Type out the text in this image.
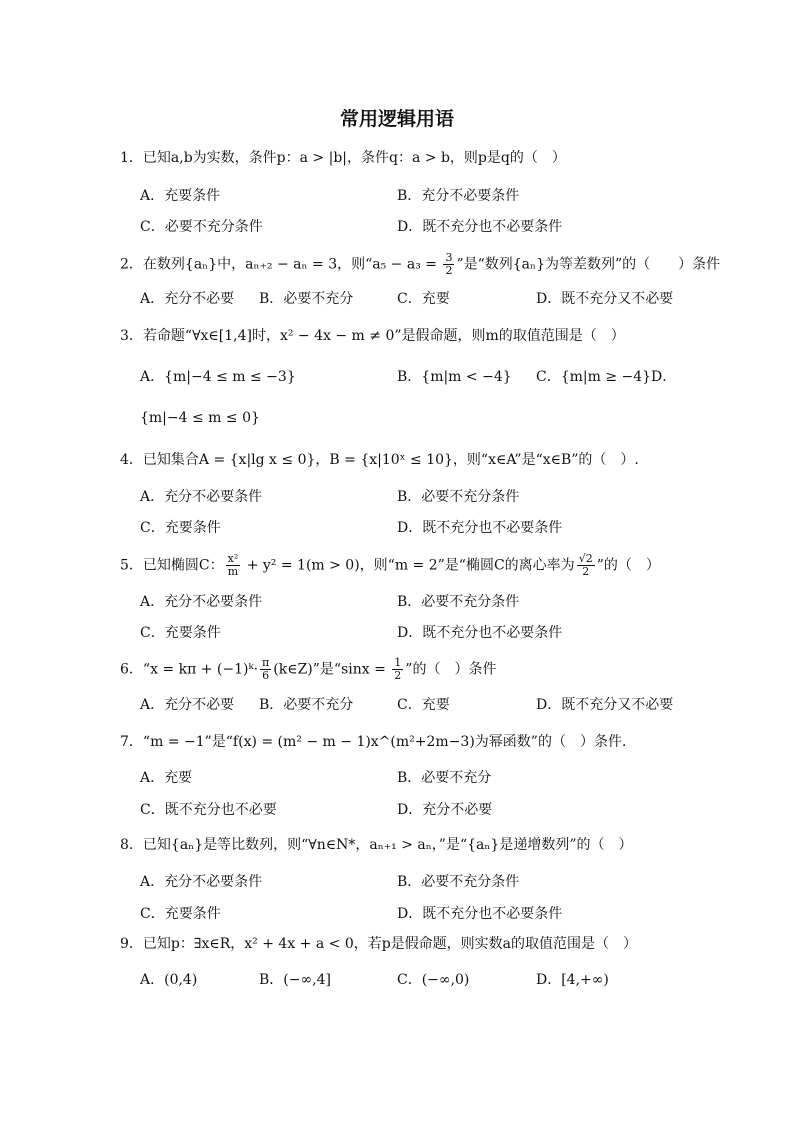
常用逻辑用语
1．已知a,b为实数，条件p：a > |b|，条件q：a > b，则p是q的（　）
A．充要条件	B．充分不必要条件
C．必要不充分条件	D．既不充分也不必要条件
2．在数列{aₙ}中，aₙ₊₂ − aₙ = 3，则“$a_5 - a_3 = \frac{3}{2}$ ”是“数列{aₙ}为等差数列”的（　　）条件
A．充分不必要 B．必要不充分	C．充要	D．既不充分又不必要
3．若命题“∀x∈[1,4]时，x² − 4x − m ≠ 0”是假命题，则m的取值范围是（　）
A．{m|−4 ≤ m ≤ −3}	B．{m|m < −4} C．{m|m ≥ −4} D．
{m|−4 ≤ m ≤ 0}
4．已知集合A = {x|lg x ≤ 0}，B = {x|10ˣ ≤ 10}，则“x∈A”是“x∈B”的（　）.
A．充分不必要条件	B．必要不充分条件
C．充要条件	D．既不充分也不必要条件
5．已知椭圆C： $\frac{\text{x²}}{m} + y^2 = 1(m > 0)$，则“m = 2”是“椭圆C的离心率为 $\frac{√2}{2}$ ”的（　）
A．充分不必要条件	B．必要不充分条件
C．充要条件	D．既不充分也不必要条件
6．“x = kπ + (−1)ᵏ· $\frac{\pi}{6}$ (k∈Z)”是“$\sin x = \frac{1}{2}$ ”的（　）条件
A．充分不必要 B．必要不充分	C．充要	D．既不充分又不必要
7．“m = −1”是“f(x) = (m² − m − 1)x^(m²+2m−3)为幂函数”的（　）条件．
A．充要	B．必要不充分
C．既不充分也不必要	D．充分不必要
8．已知{aₙ}是等比数列，则“∀n∈N*，aₙ₊₁ > aₙ，”是“{aₙ}是递增数列”的（　）
A．充分不必要条件	B．必要不充分条件
C．充要条件	D．既不充分也不必要条件
9．已知p：∃x∈R，x² + 4x + a < 0，若p是假命题，则实数a的取值范围是（　）
A．(0,4)	B．(−∞,4]	C．(−∞,0)	D．[4,+∞)
